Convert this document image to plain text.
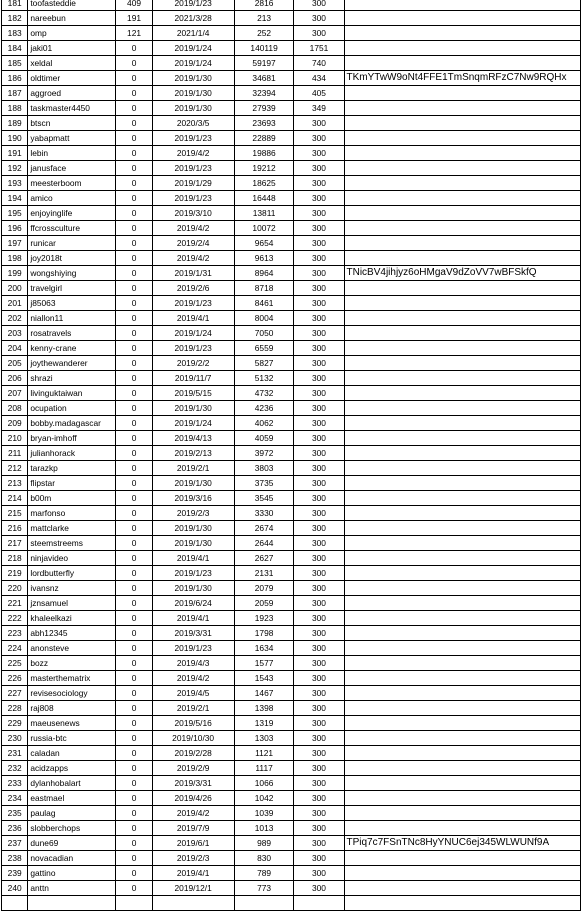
181	toofasteddie	409	2019/1/23	2816	300	
182	nareebun	191	2021/3/28	213	300	
183	omp	121	2021/1/4	252	300	
184	jaki01	0	2019/1/24	140119	1751	
185	xeldal	0	2019/1/24	59197	740	
186	oldtimer	0	2019/1/30	34681	434	TKmYTwW9oNt4FFE1TmSnqmRFzC7Nw9RQHx
187	aggroed	0	2019/1/30	32394	405	
188	taskmaster4450	0	2019/1/30	27939	349	
189	btscn	0	2020/3/5	23693	300	
190	yabapmatt	0	2019/1/23	22889	300	
191	lebin	0	2019/4/2	19886	300	
192	janusface	0	2019/1/23	19212	300	
193	meesterboom	0	2019/1/29	18625	300	
194	amico	0	2019/1/23	16448	300	
195	enjoyinglife	0	2019/3/10	13811	300	
196	ffcrossculture	0	2019/4/2	10072	300	
197	runicar	0	2019/2/4	9654	300	
198	joy2018t	0	2019/4/2	9613	300	
199	wongshiying	0	2019/1/31	8964	300	TNicBV4jihjyz6oHMgaV9dZoVV7wBFSkfQ
200	travelgirl	0	2019/2/6	8718	300	
201	j85063	0	2019/1/23	8461	300	
202	niallon11	0	2019/4/1	8004	300	
203	rosatravels	0	2019/1/24	7050	300	
204	kenny-crane	0	2019/1/23	6559	300	
205	joythewanderer	0	2019/2/2	5827	300	
206	shrazi	0	2019/11/7	5132	300	
207	livinguktaiwan	0	2019/5/15	4732	300	
208	ocupation	0	2019/1/30	4236	300	
209	bobby.madagascar	0	2019/1/24	4062	300	
210	bryan-imhoff	0	2019/4/13	4059	300	
211	julianhorack	0	2019/2/13	3972	300	
212	tarazkp	0	2019/2/1	3803	300	
213	flipstar	0	2019/1/30	3735	300	
214	b00m	0	2019/3/16	3545	300	
215	marfonso	0	2019/2/3	3330	300	
216	mattclarke	0	2019/1/30	2674	300	
217	steemstreems	0	2019/1/30	2644	300	
218	ninjavideo	0	2019/4/1	2627	300	
219	lordbutterfly	0	2019/1/23	2131	300	
220	ivansnz	0	2019/1/30	2079	300	
221	jznsamuel	0	2019/6/24	2059	300	
222	khaleelkazi	0	2019/4/1	1923	300	
223	abh12345	0	2019/3/31	1798	300	
224	anonsteve	0	2019/1/23	1634	300	
225	bozz	0	2019/4/3	1577	300	
226	masterthematrix	0	2019/4/2	1543	300	
227	revisesociology	0	2019/4/5	1467	300	
228	raj808	0	2019/2/1	1398	300	
229	maeusenews	0	2019/5/16	1319	300	
230	russia-btc	0	2019/10/30	1303	300	
231	caladan	0	2019/2/28	1121	300	
232	acidzapps	0	2019/2/9	1117	300	
233	dylanhobalart	0	2019/3/31	1066	300	
234	eastmael	0	2019/4/26	1042	300	
235	paulag	0	2019/4/2	1039	300	
236	slobberchops	0	2019/7/9	1013	300	
237	dune69	0	2019/6/1	989	300	TPiq7c7FSnTNc8HyYNUC6ej345WLWUNf9A
238	novacadian	0	2019/2/3	830	300	
239	gattino	0	2019/4/1	789	300	
240	anttn	0	2019/12/1	773	300	
